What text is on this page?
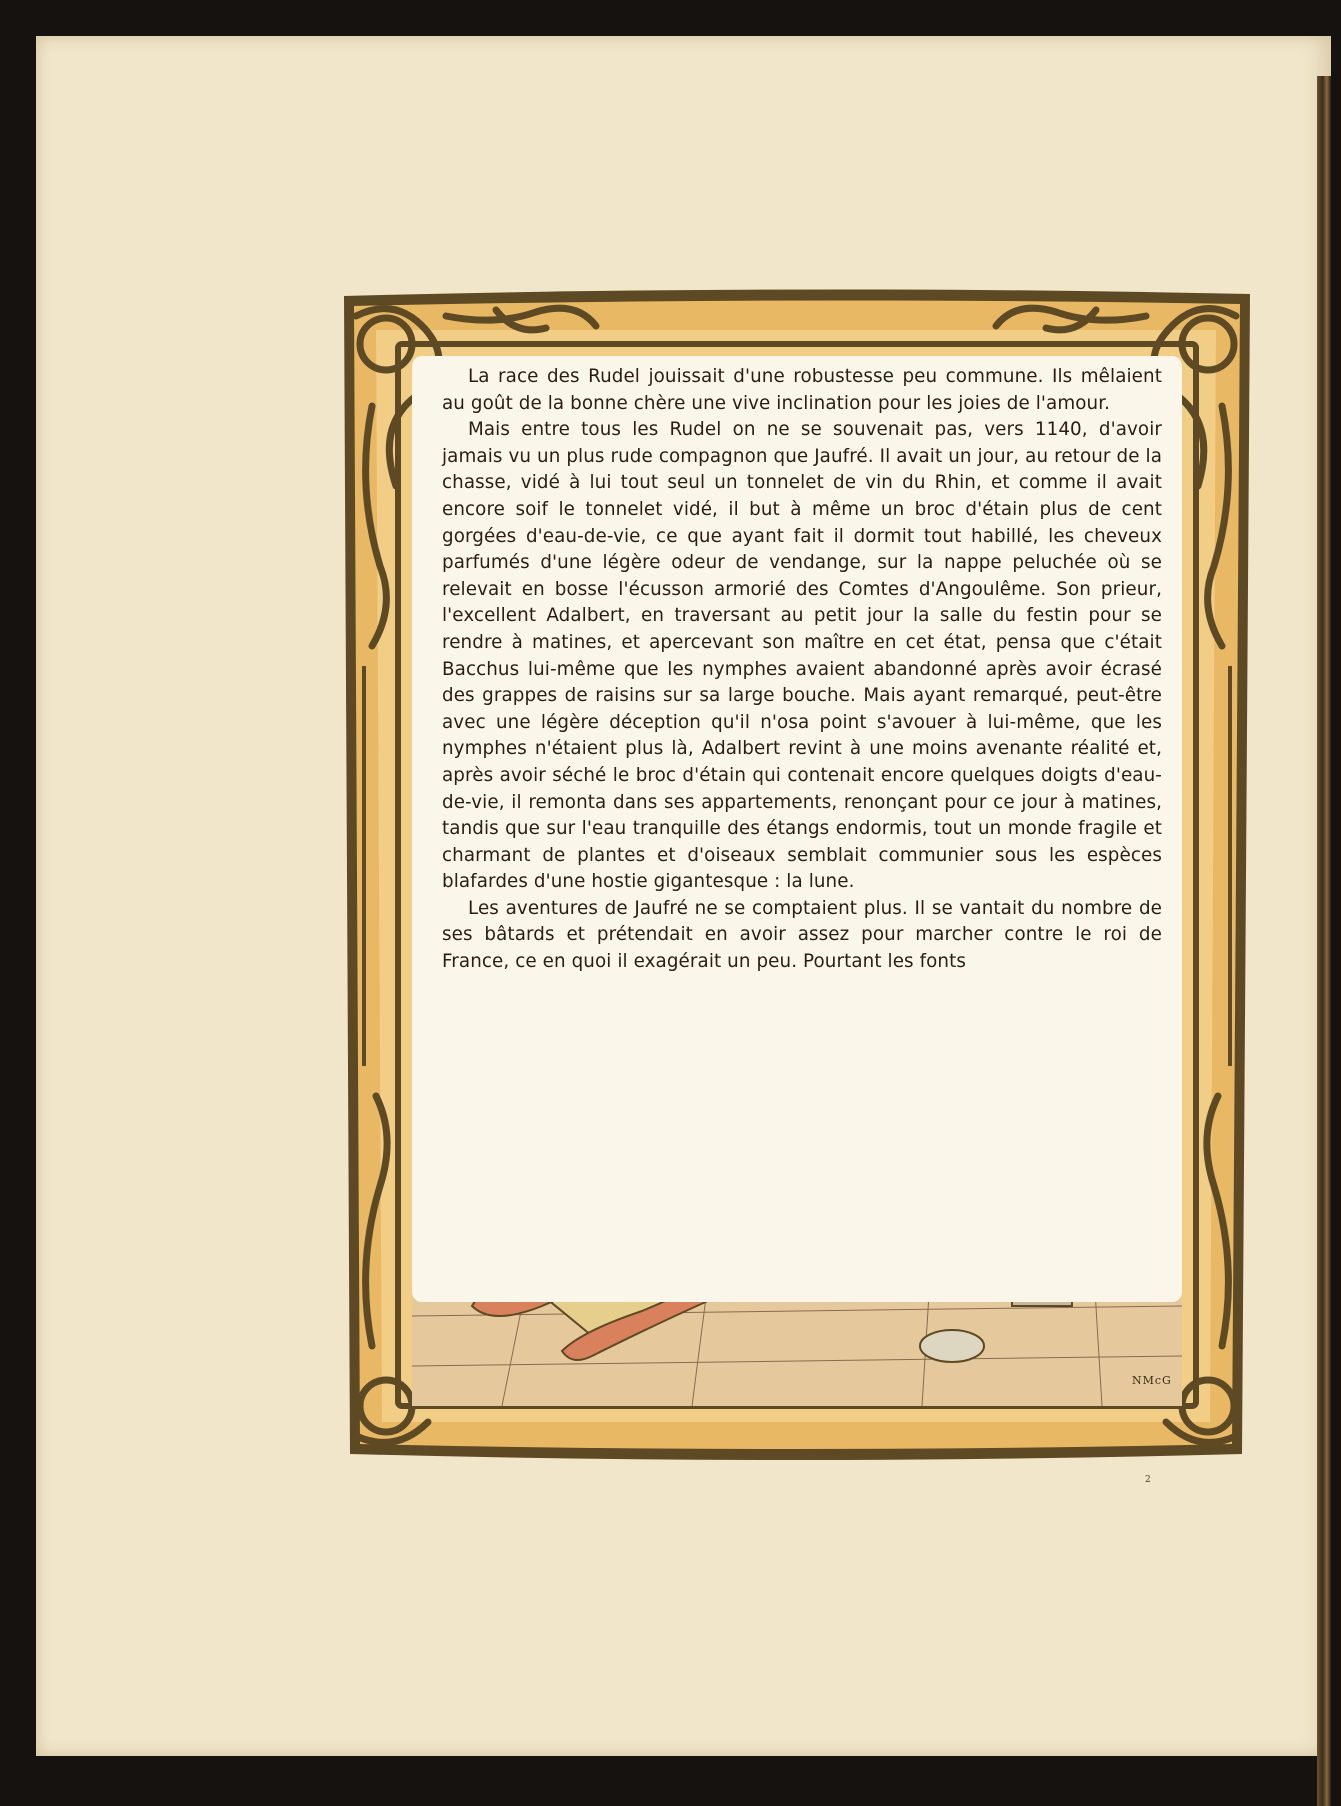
La race des Rudel jouissait d'une robustesse peu commune. Ils mêlaient au goût de la bonne chère une vive inclination pour les joies de l'amour.

Mais entre tous les Rudel on ne se souvenait pas, vers 1140, d'avoir jamais vu un plus rude compagnon que Jaufré. Il avait un jour, au retour de la chasse, vidé à lui tout seul un tonnelet de vin du Rhin, et comme il avait encore soif le tonnelet vidé, il but à même un broc d'étain plus de cent gorgées d'eau-de-vie, ce que ayant fait il dormit tout habillé, les cheveux parfumés d'une légère odeur de vendange, sur la nappe peluchée où se relevait en bosse l'écusson armorié des Comtes d'Angoulême. Son prieur, l'excellent Adalbert, en traversant au petit jour la salle du festin pour se rendre à matines, et apercevant son maître en cet état, pensa que c'était Bacchus lui-même que les nymphes avaient abandonné après avoir écrasé des grappes de raisins sur sa large bouche. Mais ayant remarqué, peut-être avec une légère déception qu'il n'osa point s'avouer à lui-même, que les nymphes n'étaient plus là, Adalbert revint à une moins avenante réalité et, après avoir séché le broc d'étain qui contenait encore quelques doigts d'eau-de-vie, il remonta dans ses appartements, renonçant pour ce jour à matines, tandis que sur l'eau tranquille des étangs endormis, tout un monde fragile et charmant de plantes et d'oiseaux semblait communier sous les espèces blafardes d'une hostie gigantesque : la lune.

Les aventures de Jaufré ne se comptaient plus. Il se vantait du nombre de ses bâtards et prétendait en avoir assez pour marcher contre le roi de France, ce en quoi il exagérait un peu. Pourtant les fonts

NMcG
2
